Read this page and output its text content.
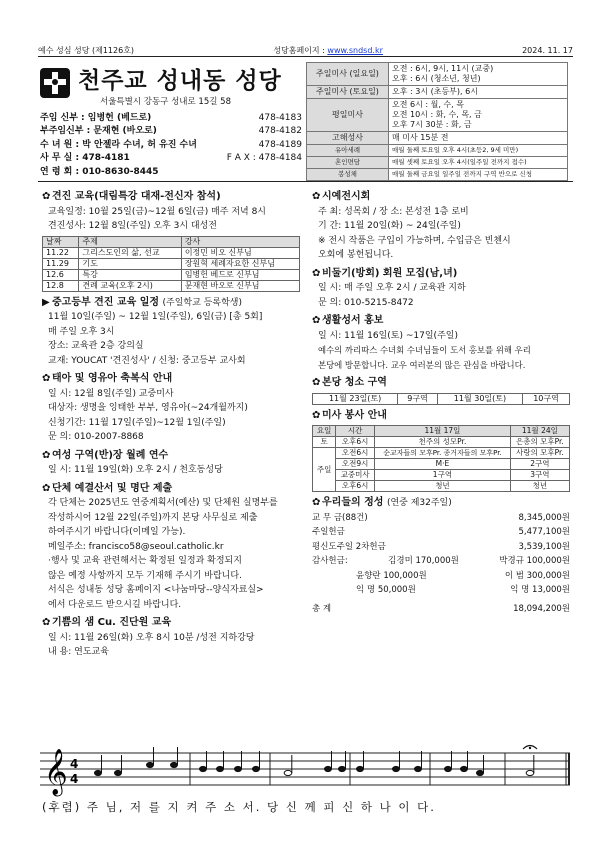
예수 성심 성당 (제1126호)	성당홈페이지 : www.sndsd.kr	2024. 11. 17
천주교 성내동 성당
서울특별시 강동구 성내로 15길 58
주임 신부 : 임병헌 (베드로)	478-4183
부주임신부 : 문재현 (바오로)	478-4182
수 녀 원 : 박 안젤라 수녀, 허 유진 수녀	478-4189
사 무 실 : 478-4181	F A X : 478-4184
연 령 회 : 010-8630-8445
주일미사 (일요일)	오전 : 6시, 9시, 11시 (교중)
오후 : 6시 (청소년, 청년)

주일미사 (토요일)	오후 : 3시 (초등부), 6시

평일미사	오전 6시 : 월, 수, 목
오전 10시 : 화, 수, 목, 금
오후 7시 30분 : 화, 금

고해성사	매 미사 15분 전
유아세례	매월 둘째 토요일 오후 4시(초등2, 9세 미만)
혼인면담	매월 셋째 토요일 오후 4시(일주일 전까지 접수)
봉성체	매월 둘째 금요일 일주일 전까지 구역 반으로 신청
✿ 견진 교육(대림특강 대재-전신자 참석)
교육일정: 10월 25일(금)~12월 6일(금) 매주 저녁 8시
견진성사: 12월 8일(주일) 오후 3시 대성전
날짜	주제	강사
11.22	그리스도인의 삶, 선교	이정민 비오 신부님
11.29	기도	장원혁 세례자요한 신부님
12.6	특강	임병헌 베드로 신부님
12.8	견례 교육(오후 2시)	문재현 바오로 신부님
▶ 중고등부 견진 교육 일정 (주일학교 등록학생)
11월 10일(주일) ~ 12월 1일(주일), 6일(금) [총 5회]
매 주일 오후 3시
장소: 교육관 2층 강의실
교재: YOUCAT '견진성사' / 신청: 중고등부 교사회
✿ 태아 및 영유아 축복식 안내
일 시: 12월 8일(주일) 교중미사
대상자: 생명을 잉태한 부부, 영유아(~24개월까지)
신청기간: 11월 17일(주일)~12월 1일(주일)
문 의: 010-2007-8868
✿ 여성 구역(반)장 월례 연수
일 시: 11월 19일(화) 오후 2시 / 천호동성당
✿ 단체 예결산서 및 명단 제출
각 단체는 2025년도 연중계획서(예산) 및 단체원 실명부를
작성하시어 12월 22일(주일)까지 본당 사무실로 제출
하여주시기 바랍니다(이메일 가능).
메일주소: francisco58@seoul.catholic.kr
·행사 및 교육 관련해서는 확정된 일정과 확정되지
않은 예정 사항까지 모두 기재해 주시기 바랍니다.
서식은 성내동 성당 홈페이지 <나눔마당--양식자료실>
에서 다운로드 받으시길 바랍니다.
✿ 기쁨의 샘 Cu. 진단원 교육
일 시: 11월 26일(화) 오후 8시 10분 /성전 지하강당
내 용: 연도교육
✿ 시예전시회
주 최: 성목회 / 장 소: 본성전 1층 로비
기 간: 11월 20일(화) ~ 24일(주일)
※ 전시 작품은 구입이 가능하며, 수입금은 빈첸시
오회에 봉헌됩니다.
✿ 비둘기(방회) 회원 모집(남,녀)
일 시: 매 주일 오후 2시 / 교육관 지하
문 의: 010-5215-8472
✿ 생활성서 홍보
일 시: 11월 16일(토) ~17일(주일)
예수의 까리따스 수녀회 수녀님들이 도서 홍보를 위해 우리
본당에 방문합니다. 교우 여러분의 많은 관심을 바랍니다.
✿ 본당 청소 구역
11월 23일(토)	9구역	11월 30일(토)	10구역
✿ 미사 봉사 안내
요일	시간	11월 17일	11월 24일
토	오후6시	천주의 성모Pr.	은총의 모후Pr.
주일	오전6시	순교자들의 모후Pr. 종거자들의 모후Pr.	사랑의 모후Pr.
	오전9시	M·E	2구역
	교중미사	1구역	3구역
	오후6시	청년	청년
✿ 우리들의 정성 (연중 제32주일)
교 무 금(88건)	8,345,000원
주일헌금	5,477,100원
평신도주일 2차헌금	3,539,100원
감사헌금:	김경미 170,000원	박경규 100,000원
윤향란 100,000원	이 범 300,000원
익 명 50,000원	익 명 13,000원
총 계	18,094,200원
𝄞 4
4
(후렴) 주 님, 저 를 지 켜 주 소 서. 당 신 께 피 신 하 나 이 다.
